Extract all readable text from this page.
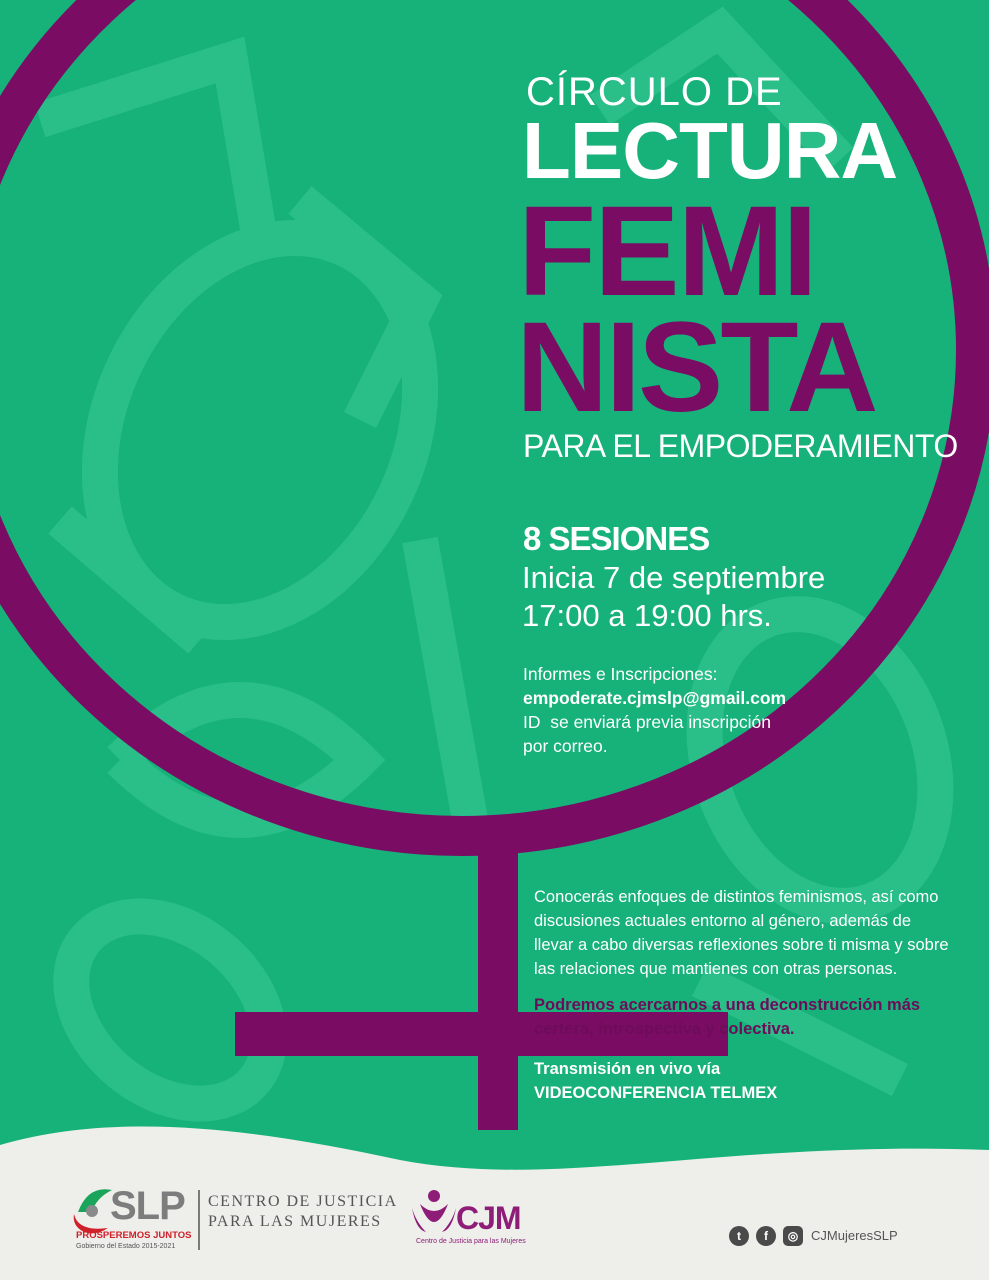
CÍRCULO DE
LECTURA
FEMI
NISTA
PARA EL EMPODERAMIENTO
8 SESIONES
Inicia 7 de septiembre
17:00 a 19:00 hrs.
Informes e Inscripciones:
empoderate.cjmslp@gmail.com
ID  se enviará previa inscripción
por correo.
Conocerás enfoques de distintos feminismos, así como discusiones actuales entorno al género, además de llevar a cabo diversas reflexiones sobre ti misma y sobre las relaciones que mantienes con otras personas.
Podremos acercarnos a una deconstrucción más certera, introspectiva y colectiva.
Transmisión en vivo vía
VIDEOCONFERENCIA TELMEX
SLP
PROSPEREMOS JUNTOS
Gobierno del Estado 2015-2021
CENTRO DE JUSTICIA
PARA LAS MUJERES CJM
Centro de Justicia para las Mujeres	t	f	◎ CJMujeresSLP
